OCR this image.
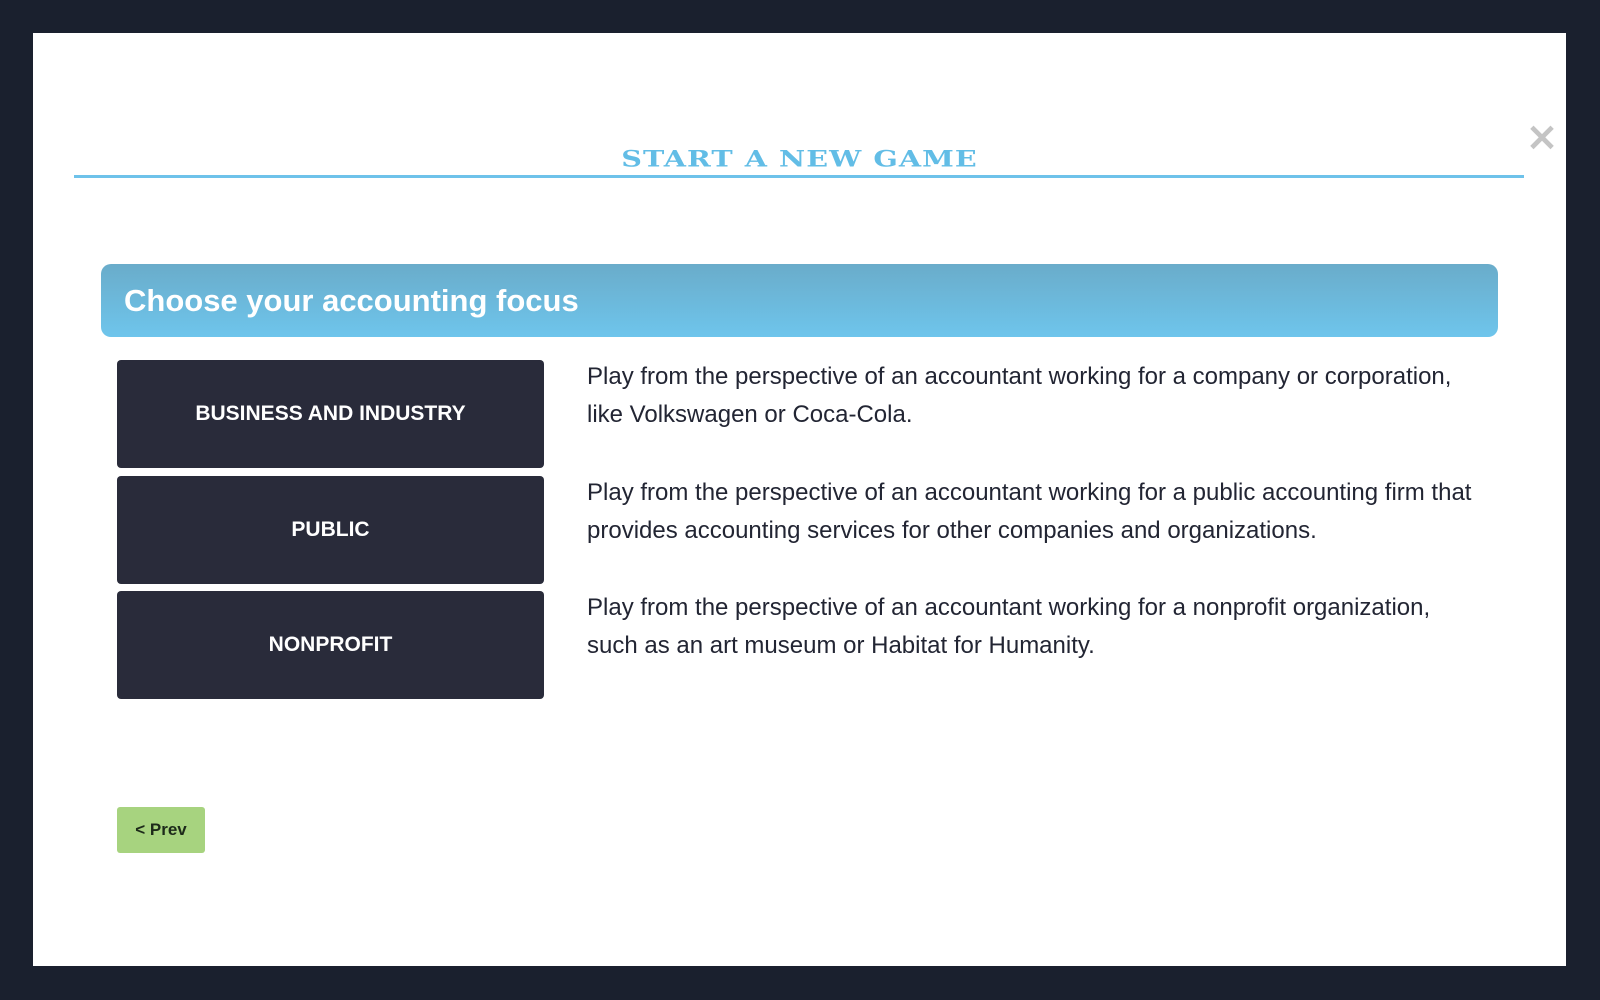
START A NEW GAME	×
Choose your accounting focus
BUSINESS AND INDUSTRY

Play from the perspective of an accountant working for a company or corporation, like Volkswagen or Coca-Cola.

PUBLIC

Play from the perspective of an accountant working for a public accounting firm that provides accounting services for other companies and organizations.

NONPROFIT

Play from the perspective of an accountant working for a nonprofit organization, such as an art museum or Habitat for Humanity.

< Prev
